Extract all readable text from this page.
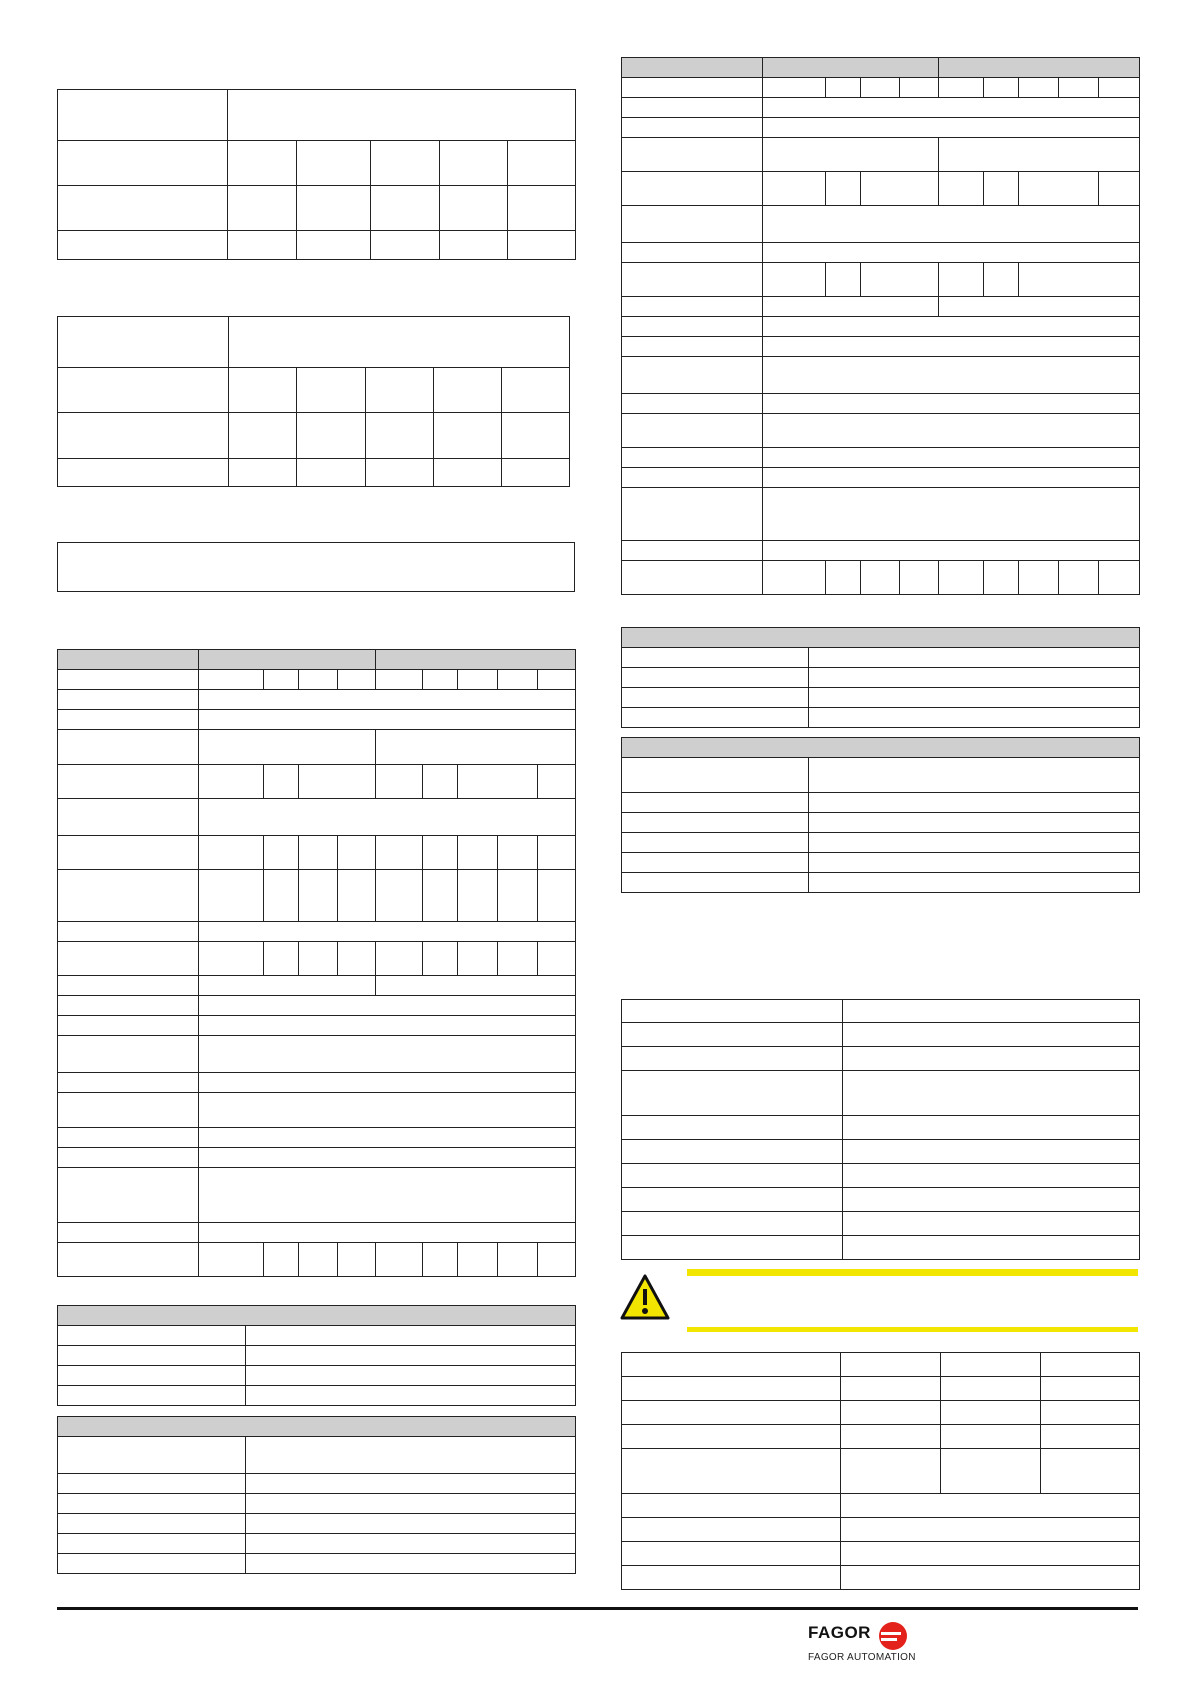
FAGOR
FAGOR AUTOMATION
